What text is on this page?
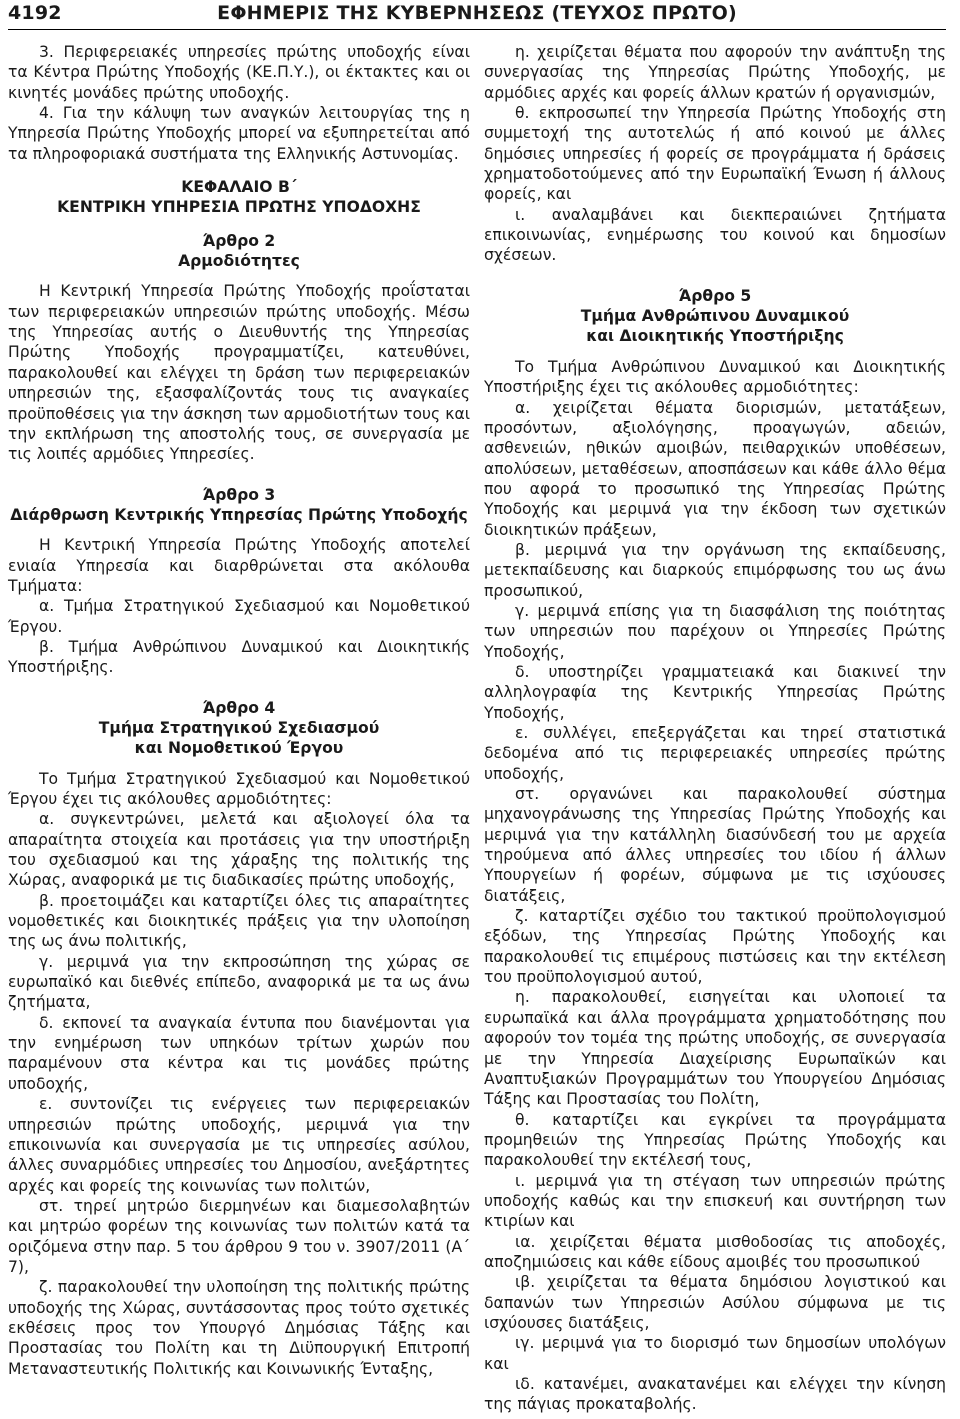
4192	ΕΦΗΜΕΡΙΣ ΤΗΣ ΚΥΒΕΡΝΗΣΕΩΣ (ΤΕΥΧΟΣ ΠΡΩΤΟ)

3. Περιφερειακές υπηρεσίες πρώτης υποδοχής είναι τα Κέντρα Πρώτης Υποδοχής (ΚΕ.Π.Υ.), οι έκτακτες και οι κινητές μονάδες πρώτης υποδοχής.

4. Για την κάλυψη των αναγκών λειτουργίας της η Υπηρεσία Πρώτης Υποδοχής μπορεί να εξυπηρετείται από τα πληροφοριακά συστήματα της Ελληνικής Αστυνομίας.

ΚΕΦΑΛΑΙΟ Β΄

ΚΕΝΤΡΙΚΗ ΥΠΗΡΕΣΙΑ ΠΡΩΤΗΣ ΥΠΟΔΟΧΗΣ

Άρθρο 2

Αρμοδιότητες

Η Κεντρική Υπηρεσία Πρώτης Υποδοχής προΐσταται των περιφερειακών υπηρεσιών πρώτης υποδοχής. Μέσω της Υπηρεσίας αυτής ο Διευθυντής της Υπηρεσίας Πρώτης Υποδοχής προγραμματίζει, κατευθύνει, παρακολουθεί και ελέγχει τη δράση των περιφερειακών υπηρεσιών της, εξασφαλίζοντάς τους τις αναγκαίες προϋποθέσεις για την άσκηση των αρμοδιοτήτων τους και την εκπλήρωση της αποστολής τους, σε συνεργασία με τις λοιπές αρμόδιες Υπηρεσίες.

Άρθρο 3

Διάρθρωση Κεντρικής Υπηρεσίας Πρώτης Υποδοχής

Η Κεντρική Υπηρεσία Πρώτης Υποδοχής αποτελεί ενιαία Υπηρεσία και διαρθρώνεται στα ακόλουθα Τμήματα:

α. Τμήμα Στρατηγικού Σχεδιασμού και Νομοθετικού Έργου.

β. Τμήμα Ανθρώπινου Δυναμικού και Διοικητικής Υποστήριξης.

Άρθρο 4

Τμήμα Στρατηγικού Σχεδιασμού

και Νομοθετικού Έργου

Το Τμήμα Στρατηγικού Σχεδιασμού και Νομοθετικού Έργου έχει τις ακόλουθες αρμοδιότητες:

α. συγκεντρώνει, μελετά και αξιολογεί όλα τα απαραίτητα στοιχεία και προτάσεις για την υποστήριξη του σχεδιασμού και της χάραξης της πολιτικής της Χώρας, αναφορικά με τις διαδικασίες πρώτης υποδοχής,

β. προετοιμάζει και καταρτίζει όλες τις απαραίτητες νομοθετικές και διοικητικές πράξεις για την υλοποίηση της ως άνω πολιτικής,

γ. μεριμνά για την εκπροσώπηση της χώρας σε ευρωπαϊκό και διεθνές επίπεδο, αναφορικά με τα ως άνω ζητήματα,

δ. εκπονεί τα αναγκαία έντυπα που διανέμονται για την ενημέρωση των υπηκόων τρίτων χωρών που παραμένουν στα κέντρα και τις μονάδες πρώτης υποδοχής,

ε. συντονίζει τις ενέργειες των περιφερειακών υπηρεσιών πρώτης υποδοχής, μεριμνά για την επικοινωνία και συνεργασία με τις υπηρεσίες ασύλου, άλλες συναρμόδιες υπηρεσίες του Δημοσίου, ανεξάρτητες αρχές και φορείς της κοινωνίας των πολιτών,

στ. τηρεί μητρώο διερμηνέων και διαμεσολαβητών και μητρώο φορέων της κοινωνίας των πολιτών κατά τα οριζόμενα στην παρ. 5 του άρθρου 9 του ν. 3907/2011 (Α΄ 7),

ζ. παρακολουθεί την υλοποίηση της πολιτικής πρώτης υποδοχής της Χώρας, συντάσσοντας προς τούτο σχετικές εκθέσεις προς τον Υπουργό Δημόσιας Τάξης και Προστασίας του Πολίτη και τη Διϋπουργική Επιτροπή Μεταναστευτικής Πολιτικής και Κοινωνικής Ένταξης,

η. χειρίζεται θέματα που αφορούν την ανάπτυξη της συνεργασίας της Υπηρεσίας Πρώτης Υποδοχής, με αρμόδιες αρχές και φορείς άλλων κρατών ή οργανισμών,

θ. εκπροσωπεί την Υπηρεσία Πρώτης Υποδοχής στη συμμετοχή της αυτοτελώς ή από κοινού με άλλες δημόσιες υπηρεσίες ή φορείς σε προγράμματα ή δράσεις χρηματοδοτούμενες από την Ευρωπαϊκή Ένωση ή άλλους φορείς, και

ι. αναλαμβάνει και διεκπεραιώνει ζητήματα επικοινωνίας, ενημέρωσης του κοινού και δημοσίων σχέσεων.

Άρθρο 5

Τμήμα Ανθρώπινου Δυναμικού

και Διοικητικής Υποστήριξης

Το Τμήμα Ανθρώπινου Δυναμικού και Διοικητικής Υποστήριξης έχει τις ακόλουθες αρμοδιότητες:

α. χειρίζεται θέματα διορισμών, μετατάξεων, προσόντων, αξιολόγησης, προαγωγών, αδειών, ασθενειών, ηθικών αμοιβών, πειθαρχικών υποθέσεων, απολύσεων, μεταθέσεων, αποσπάσεων και κάθε άλλο θέμα που αφορά το προσωπικό της Υπηρεσίας Πρώτης Υποδοχής και μεριμνά για την έκδοση των σχετικών διοικητικών πράξεων,

β. μεριμνά για την οργάνωση της εκπαίδευσης, μετεκπαίδευσης και διαρκούς επιμόρφωσης του ως άνω προσωπικού,

γ. μεριμνά επίσης για τη διασφάλιση της ποιότητας των υπηρεσιών που παρέχουν οι Υπηρεσίες Πρώτης Υποδοχής,

δ. υποστηρίζει γραμματειακά και διακινεί την αλληλογραφία της Κεντρικής Υπηρεσίας Πρώτης Υποδοχής,

ε. συλλέγει, επεξεργάζεται και τηρεί στατιστικά δεδομένα από τις περιφερειακές υπηρεσίες πρώτης υποδοχής,

στ. οργανώνει και παρακολουθεί σύστημα μηχανογράνωσης της Υπηρεσίας Πρώτης Υποδοχής και μεριμνά για την κατάλληλη διασύνδεσή του με αρχεία τηρούμενα από άλλες υπηρεσίες του ιδίου ή άλλων Υπουργείων ή φορέων, σύμφωνα με τις ισχύουσες διατάξεις,

ζ. καταρτίζει σχέδιο του τακτικού προϋπολογισμού εξόδων, της Υπηρεσίας Πρώτης Υποδοχής και παρακολουθεί τις επιμέρους πιστώσεις και την εκτέλεση του προϋπολογισμού αυτού,

η. παρακολουθεί, εισηγείται και υλοποιεί τα ευρωπαϊκά και άλλα προγράμματα χρηματοδότησης που αφορούν τον τομέα της πρώτης υποδοχής, σε συνεργασία με την Υπηρεσία Διαχείρισης Ευρωπαϊκών και Αναπτυξιακών Προγραμμάτων του Υπουργείου Δημόσιας Τάξης και Προστασίας του Πολίτη,

θ. καταρτίζει και εγκρίνει τα προγράμματα προμηθειών της Υπηρεσίας Πρώτης Υποδοχής και παρακολουθεί την εκτέλεσή τους,

ι. μεριμνά για τη στέγαση των υπηρεσιών πρώτης υποδοχής καθώς και την επισκευή και συντήρηση των κτιρίων και

ια. χειρίζεται θέματα μισθοδοσίας τις αποδοχές, αποζημιώσεις και κάθε είδους αμοιβές του προσωπικού

ιβ. χειρίζεται τα θέματα δημόσιου λογιστικού και δαπανών των Υπηρεσιών Ασύλου σύμφωνα με τις ισχύουσες διατάξεις,

ιγ. μεριμνά για το διορισμό των δημοσίων υπολόγων και

ιδ. κατανέμει, ανακατανέμει και ελέγχει την κίνηση της πάγιας προκαταβολής.
